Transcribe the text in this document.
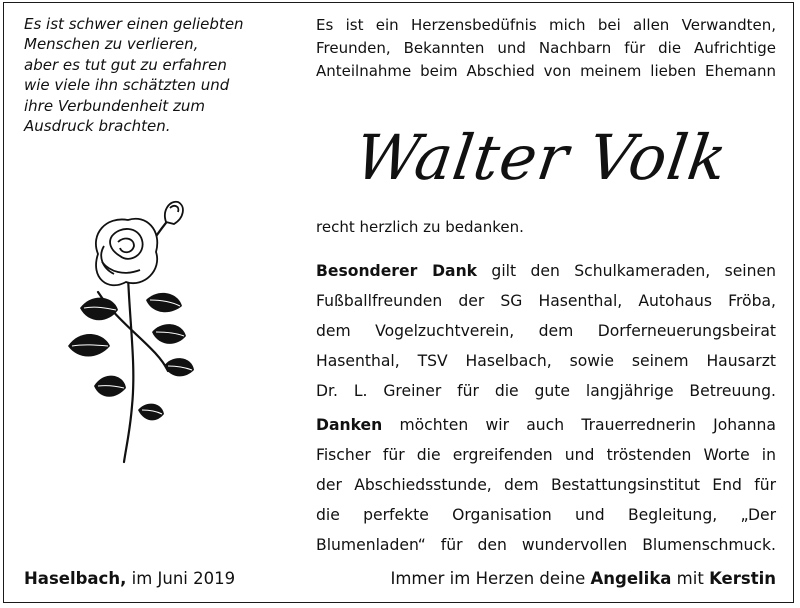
Es ist schwer einen geliebten
Menschen zu verlieren,
aber es tut gut zu erfahren
wie viele ihn schätzten und
ihre Verbundenheit zum
Ausdruck brachten.
Es ist ein Herzensbedüfnis mich bei allen Verwandten,
Freunden, Bekannten und Nachbarn für die Aufrichtige
Anteilnahme beim Abschied von meinem lieben Ehemann
Walter Volk
recht herzlich zu bedanken.
Besonderer Dank gilt den Schulkameraden, seinen
Fußballfreunden der SG Hasenthal, Autohaus Fröba,
dem Vogelzuchtverein, dem Dorferneuerungsbeirat
Hasenthal, TSV Haselbach, sowie seinem Hausarzt
Dr. L. Greiner für die gute langjährige Betreuung.
Danken möchten wir auch Trauerrednerin Johanna
Fischer für die ergreifenden und tröstenden Worte in
der Abschiedsstunde, dem Bestattungsinstitut End für
die perfekte Organisation und Begleitung, „Der
Blumenladen“ für den wundervollen Blumenschmuck.
Haselbach, im Juni 2019	Immer im Herzen deine Angelika mit Kerstin
